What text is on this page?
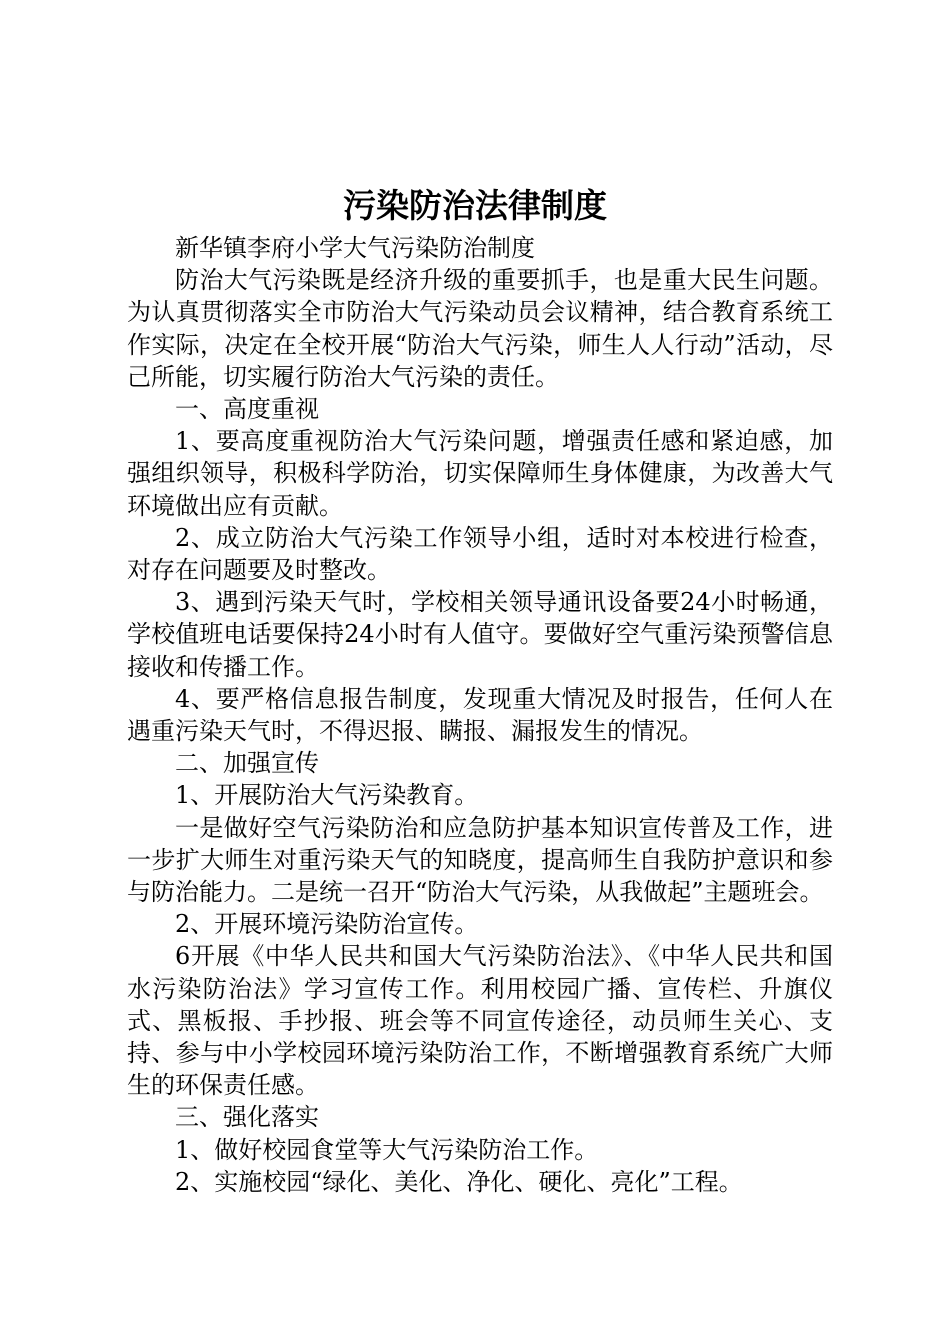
污染防治法律制度

新华镇李府小学大气污染防治制度

防治大气污染既是经济升级的重要抓手，也是重大民生问题。为认真贯彻落实全市防治大气污染动员会议精神，结合教育系统工作实际，决定在全校开展“防治大气污染，师生人人行动”活动，尽己所能，切实履行防治大气污染的责任。

一、高度重视

1、要高度重视防治大气污染问题，增强责任感和紧迫感，加强组织领导，积极科学防治，切实保障师生身体健康，为改善大气环境做出应有贡献。

2、成立防治大气污染工作领导小组，适时对本校进行检查，对存在问题要及时整改。

3、遇到污染天气时，学校相关领导通讯设备要24小时畅通，学校值班电话要保持24小时有人值守。要做好空气重污染预警信息接收和传播工作。

4、要严格信息报告制度，发现重大情况及时报告，任何人在遇重污染天气时，不得迟报、瞒报、漏报发生的情况。

二、加强宣传

1、开展防治大气污染教育。

一是做好空气污染防治和应急防护基本知识宣传普及工作，进一步扩大师生对重污染天气的知晓度，提高师生自我防护意识和参与防治能力。二是统一召开“防治大气污染，从我做起”主题班会。

2、开展环境污染防治宣传。

6开展《中华人民共和国大气污染防治法》、《中华人民共和国水污染防治法》学习宣传工作。利用校园广播、宣传栏、升旗仪式、黑板报、手抄报、班会等不同宣传途径，动员师生关心、支持、参与中小学校园环境污染防治工作，不断增强教育系统广大师生的环保责任感。

三、强化落实

1、做好校园食堂等大气污染防治工作。

2、实施校园“绿化、美化、净化、硬化、亮化”工程。
